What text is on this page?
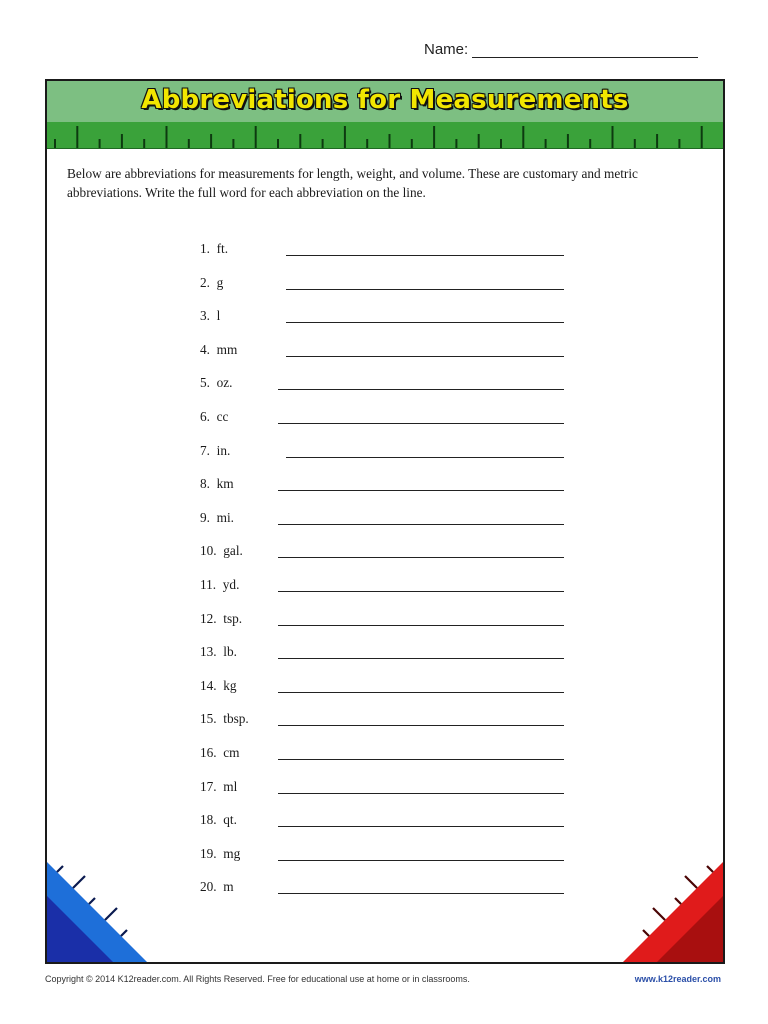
Name:
Abbreviations for Measurements
Below are abbreviations for measurements for length, weight, and volume. These are customary and metric abbreviations. Write the full word for each abbreviation on the line.
1.  ft.
2.  g
3.  l
4.  mm
5.  oz.
6.  cc
7.  in.
8.  km
9.  mi.
10.  gal.
11.  yd.
12.  tsp.
13.  lb.
14.  kg
15.  tbsp.
16.  cm
17.  ml
18.  qt.
19.  mg
20.  m
Copyright © 2014 K12reader.com. All Rights Reserved. Free for educational use at home or in classrooms.	www.k12reader.com
